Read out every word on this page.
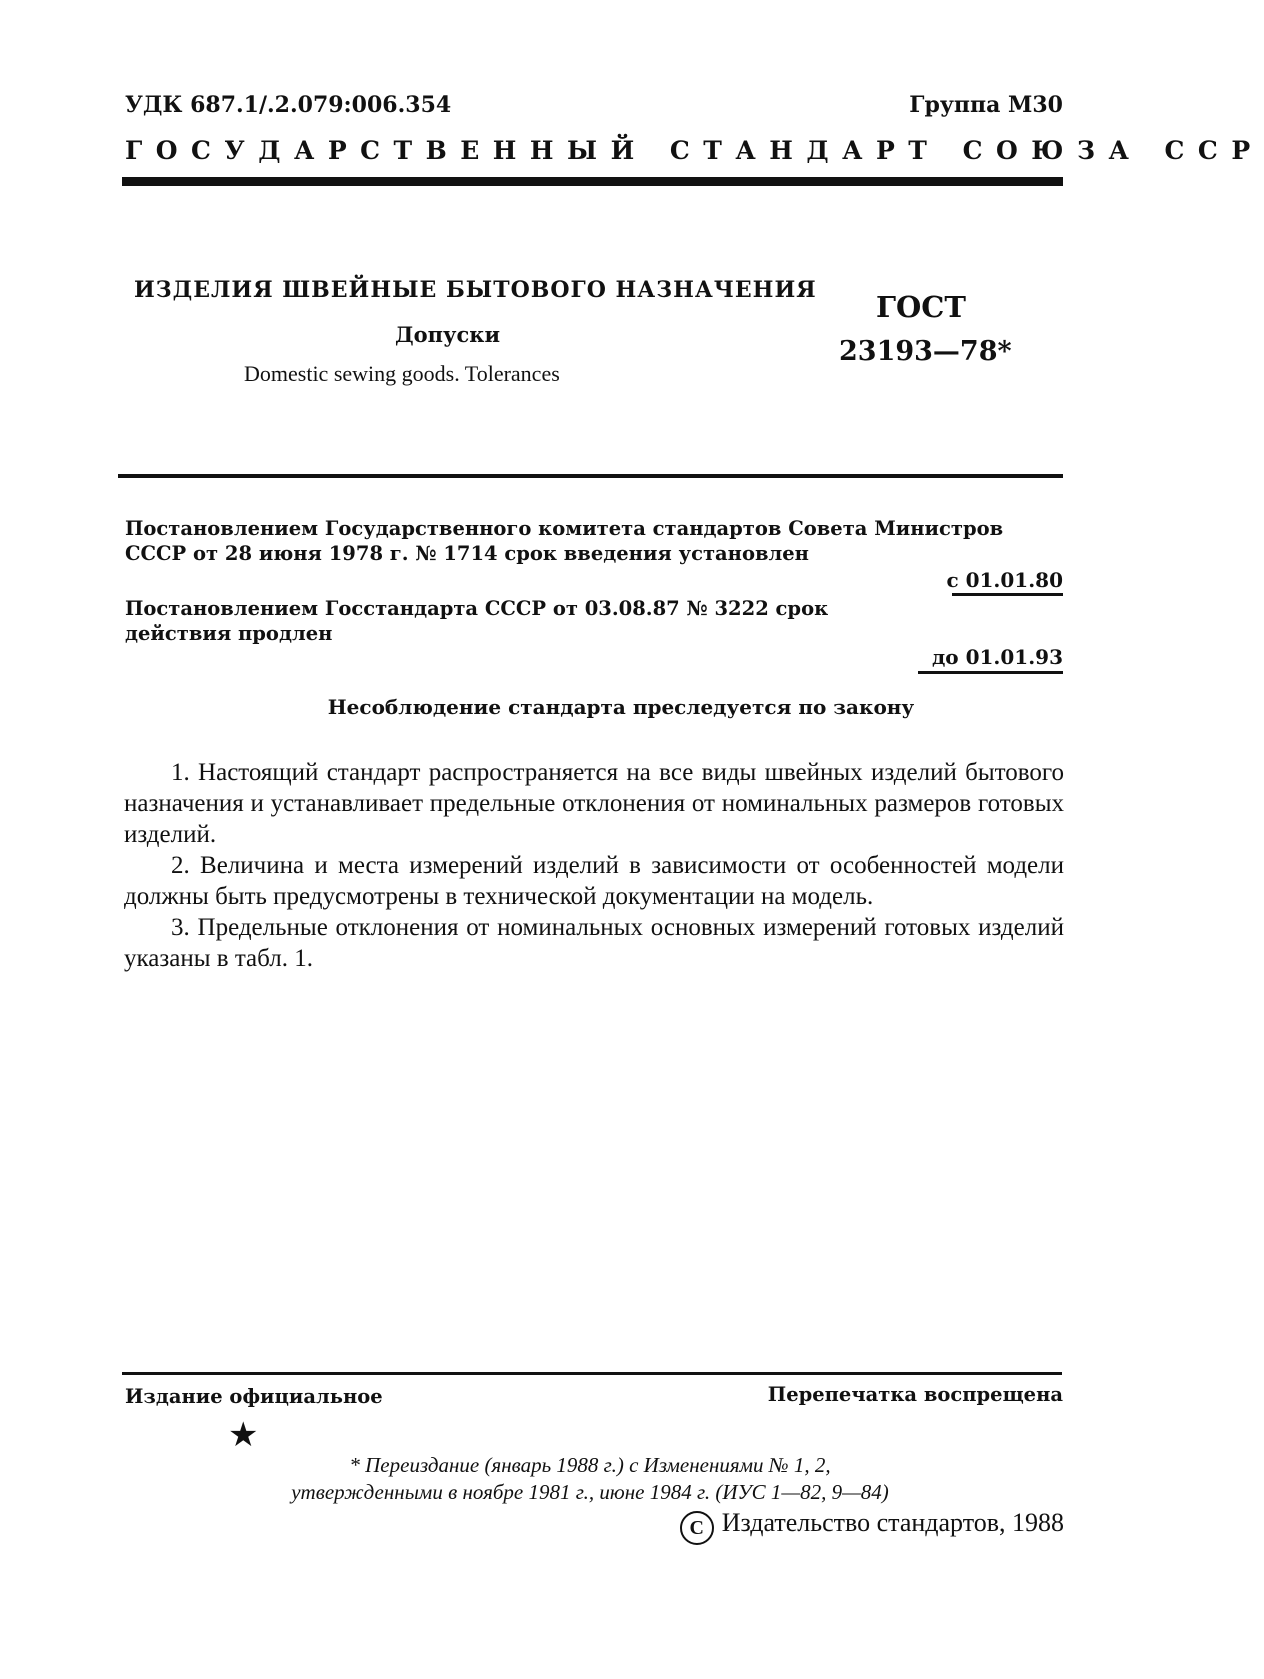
УДК 687.1/.2.079:006.354	Группа М30
ГОСУДАРСТВЕННЫЙ СТАНДАРТ СОЮЗА ССР
ИЗДЕЛИЯ ШВЕЙНЫЕ БЫТОВОГО НАЗНАЧЕНИЯ
Допуски
Domestic sewing goods. Tolerances
ГОСТ
23193—78*
Постановлением Государственного комитета стандартов Совета Министров СССР от 28 июня 1978 г. № 1714 срок введения установлен
с 01.01.80
Постановлением Госстандарта СССР от 03.08.87 № 3222 срок действия продлен
до 01.01.93
Несоблюдение стандарта преследуется по закону

1. Настоящий стандарт распространяется на все виды швейных изделий бытового назначения и устанавливает предельные отклонения от номинальных размеров готовых изделий.

2. Величина и места измерений изделий в зависимости от особенностей модели должны быть предусмотрены в технической документации на модель.

3. Предельные отклонения от номинальных основных измерений готовых изделий указаны в табл. 1.

Издание официальное	Перепечатка воспрещена
★
* Переиздание (январь 1988 г.) с Изменениями № 1, 2,
утвержденными в ноябре 1981 г., июне 1984 г. (ИУС 1—82, 9—84)
C Издательство стандартов, 1988
